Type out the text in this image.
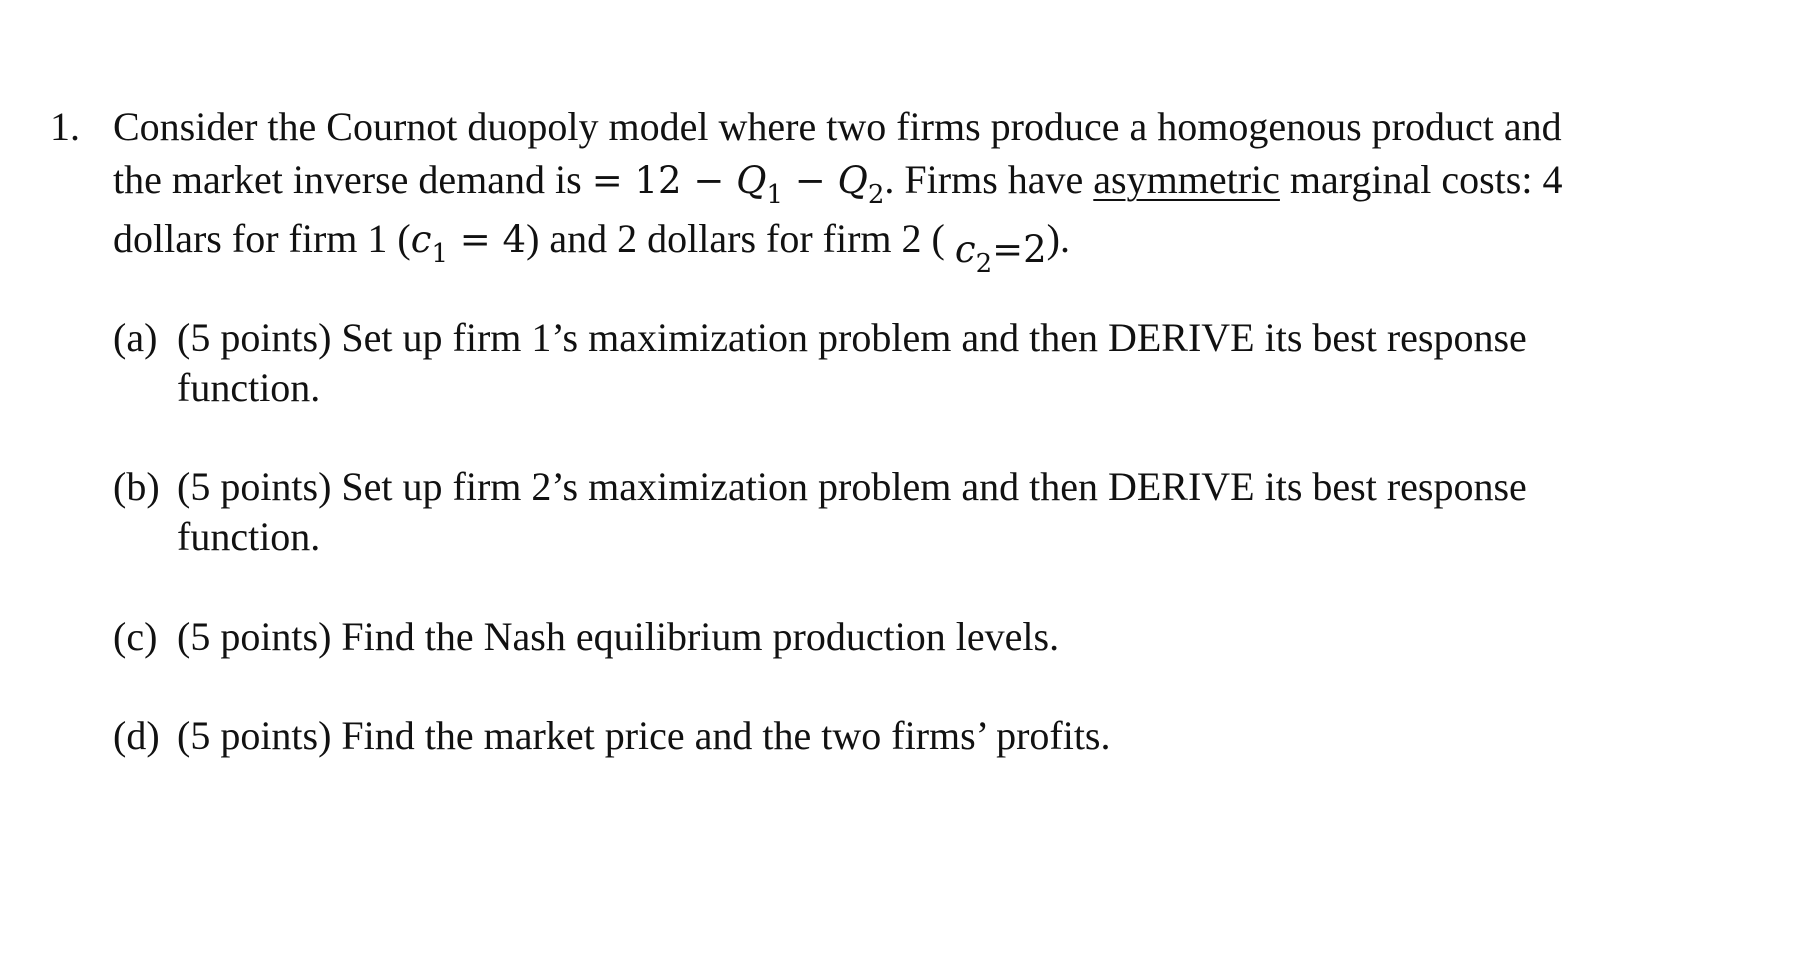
1. Consider the Cournot duopoly model where two firms produce a homogenous product and
the market inverse demand is = $12 - Q_1 - Q_2$. Firms have asymmetric marginal costs: 4
dollars for firm 1 $(c_1 = 4)$ and 2 dollars for firm 2 ( $c_2=2$).
(a) (5 points) Set up firm 1’s maximization problem and then DERIVE its best response
function.
(b) (5 points) Set up firm 2’s maximization problem and then DERIVE its best response
function.
(c) (5 points) Find the Nash equilibrium production levels.
(d) (5 points) Find the market price and the two firms’ profits.
